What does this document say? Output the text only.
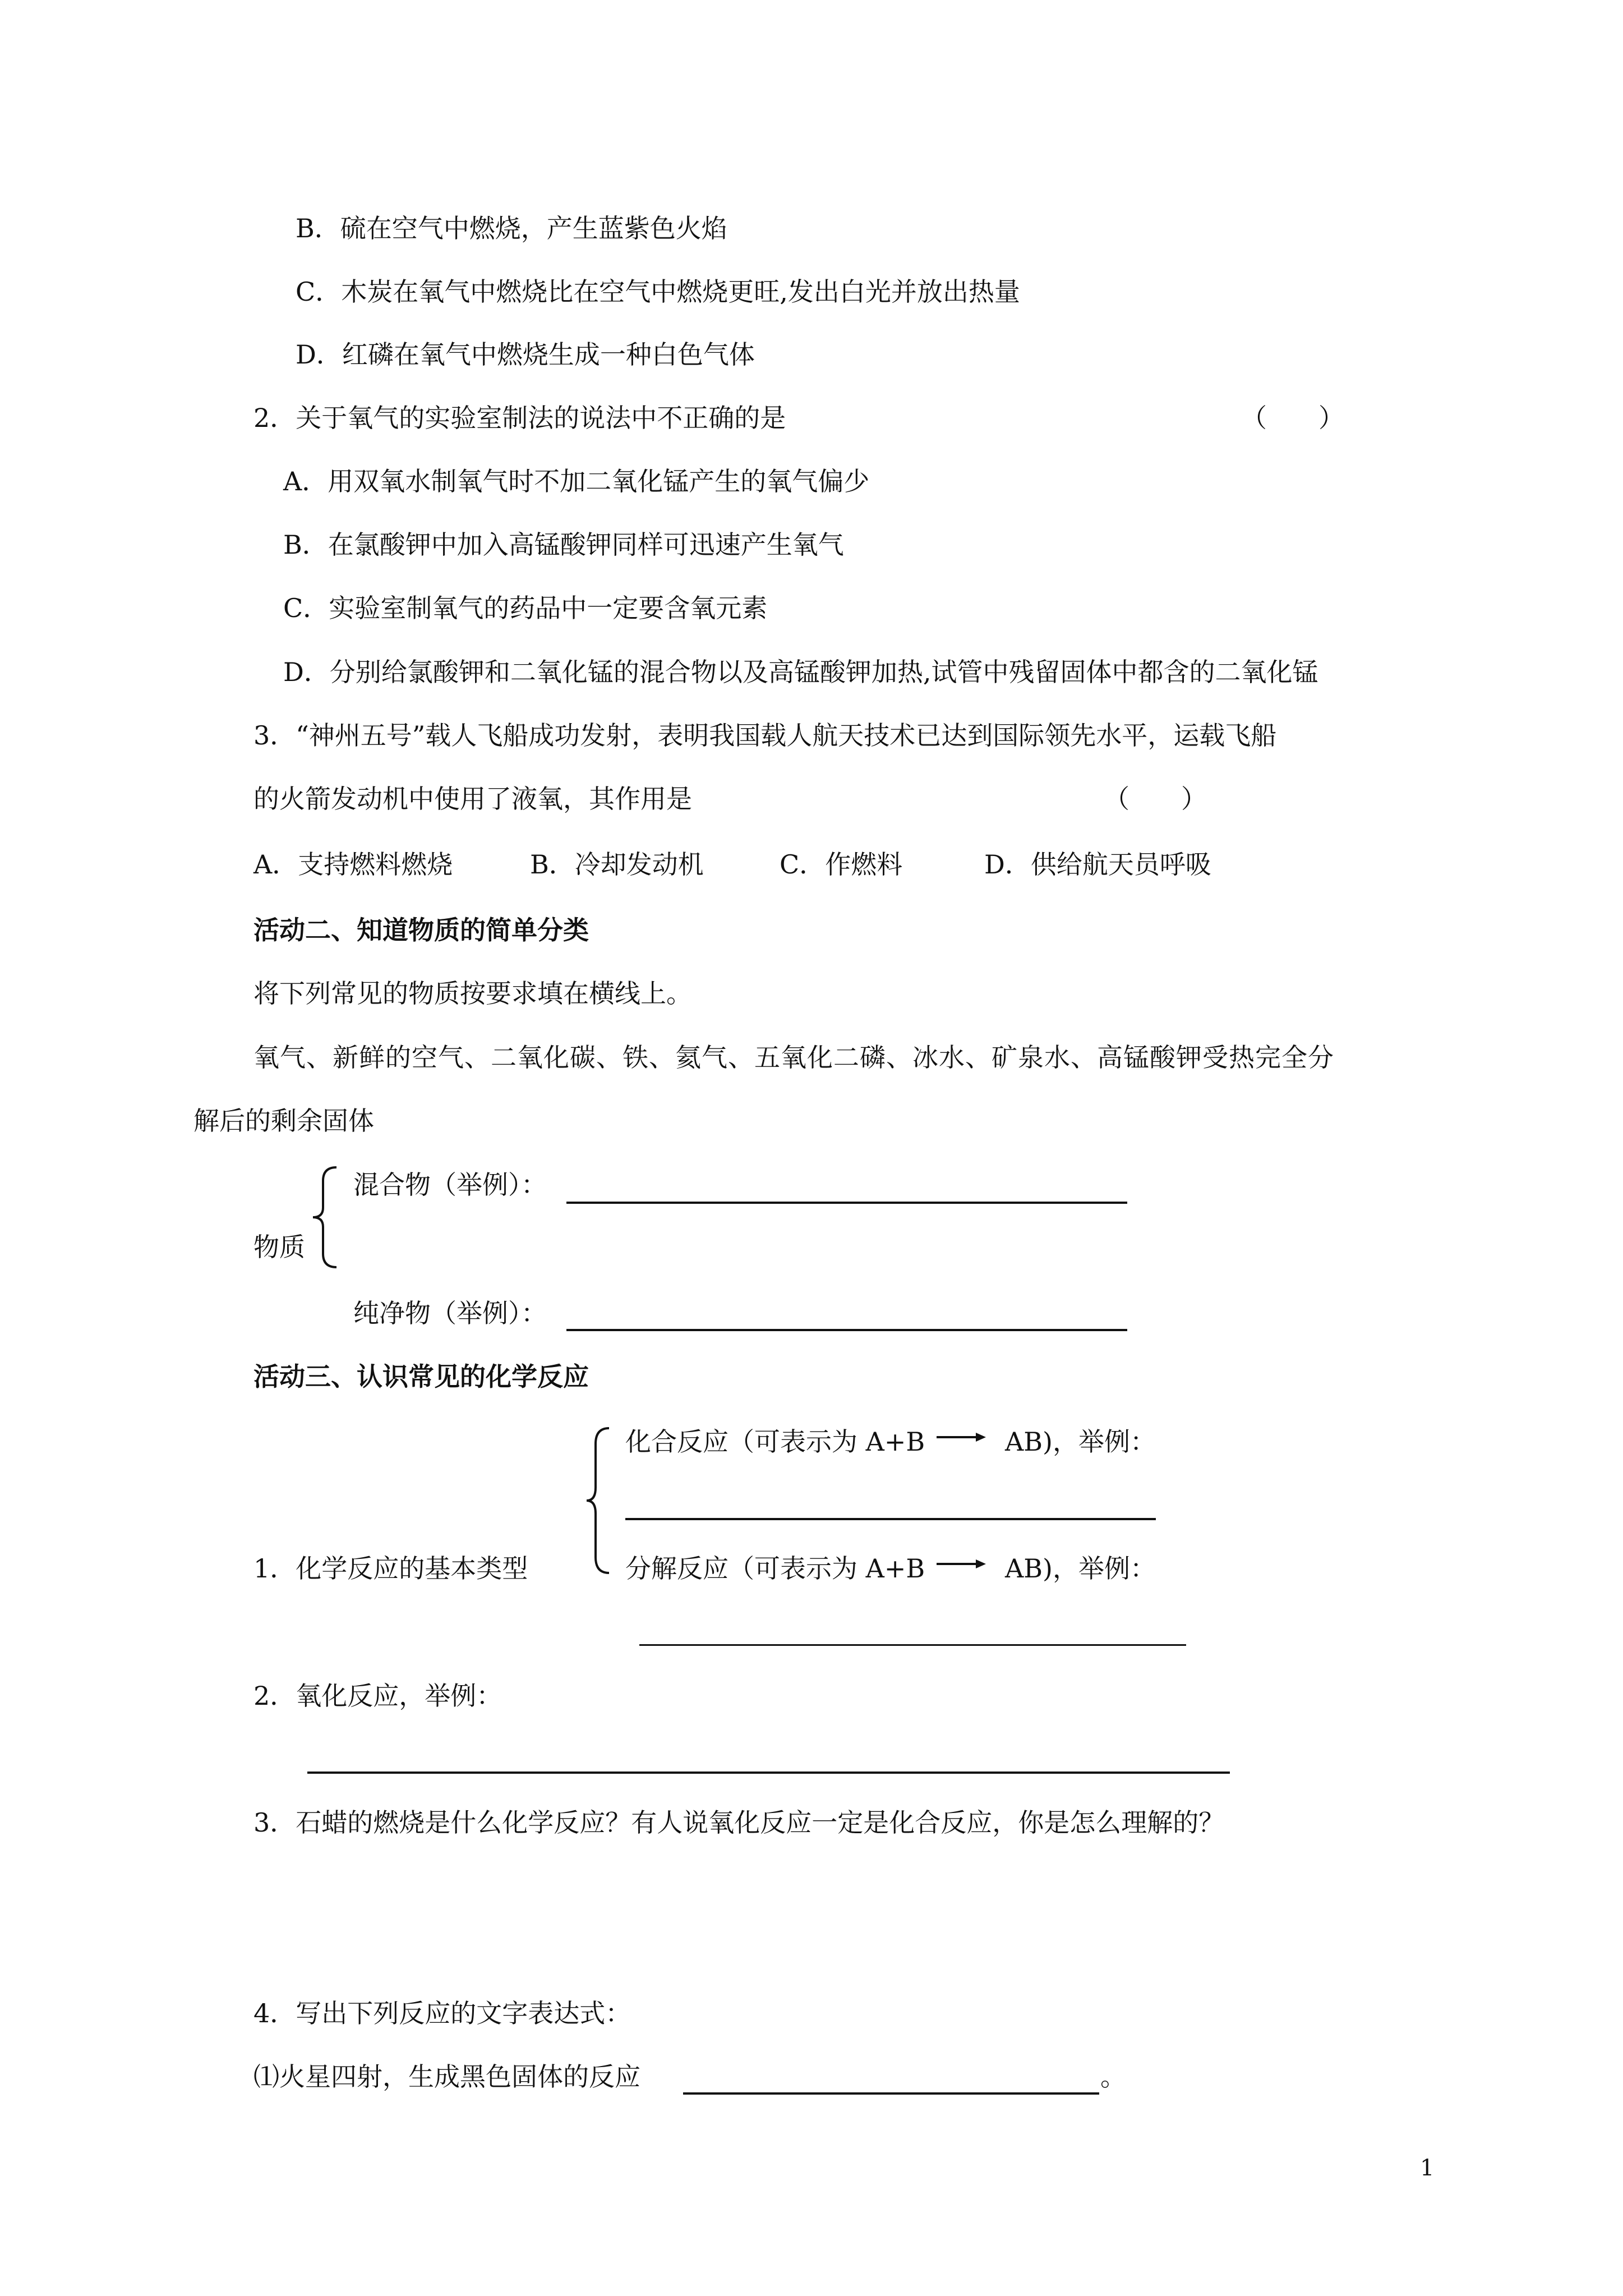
B．硫在空气中燃烧，产生蓝紫色火焰
C．木炭在氧气中燃烧比在空气中燃烧更旺,发出白光并放出热量
D．红磷在氧气中燃烧生成一种白色气体
2．关于氧气的实验室制法的说法中不正确的是	（　　）
A．用双氧水制氧气时不加二氧化锰产生的氧气偏少
B．在氯酸钾中加入高锰酸钾同样可迅速产生氧气
C．实验室制氧气的药品中一定要含氧元素
D．分别给氯酸钾和二氧化锰的混合物以及高锰酸钾加热,试管中残留固体中都含的二氧化锰
3．“神州五号”载人飞船成功发射，表明我国载人航天技术已达到国际领先水平，运载飞船
的火箭发动机中使用了液氧，其作用是	（　　）
A．支持燃料燃烧	B．冷却发动机	C．作燃料	D．供给航天员呼吸
活动二、知道物质的简单分类
将下列常见的物质按要求填在横线上。
氧气、新鲜的空气、二氧化碳、铁、氦气、五氧化二磷、冰水、矿泉水、高锰酸钾受热完全分
解后的剩余固体
混合物（举例）：
物质
纯净物（举例）：
活动三、认识常见的化学反应
化合反应（可表示为 A+B	AB)，举例：
1．化学反应的基本类型	分解反应（可表示为 A+B	AB)，举例：
2．氧化反应，举例：
3．石蜡的燃烧是什么化学反应？有人说氧化反应一定是化合反应，你是怎么理解的？
4．写出下列反应的文字表达式：
⑴火星四射，生成黑色固体的反应	。
1
